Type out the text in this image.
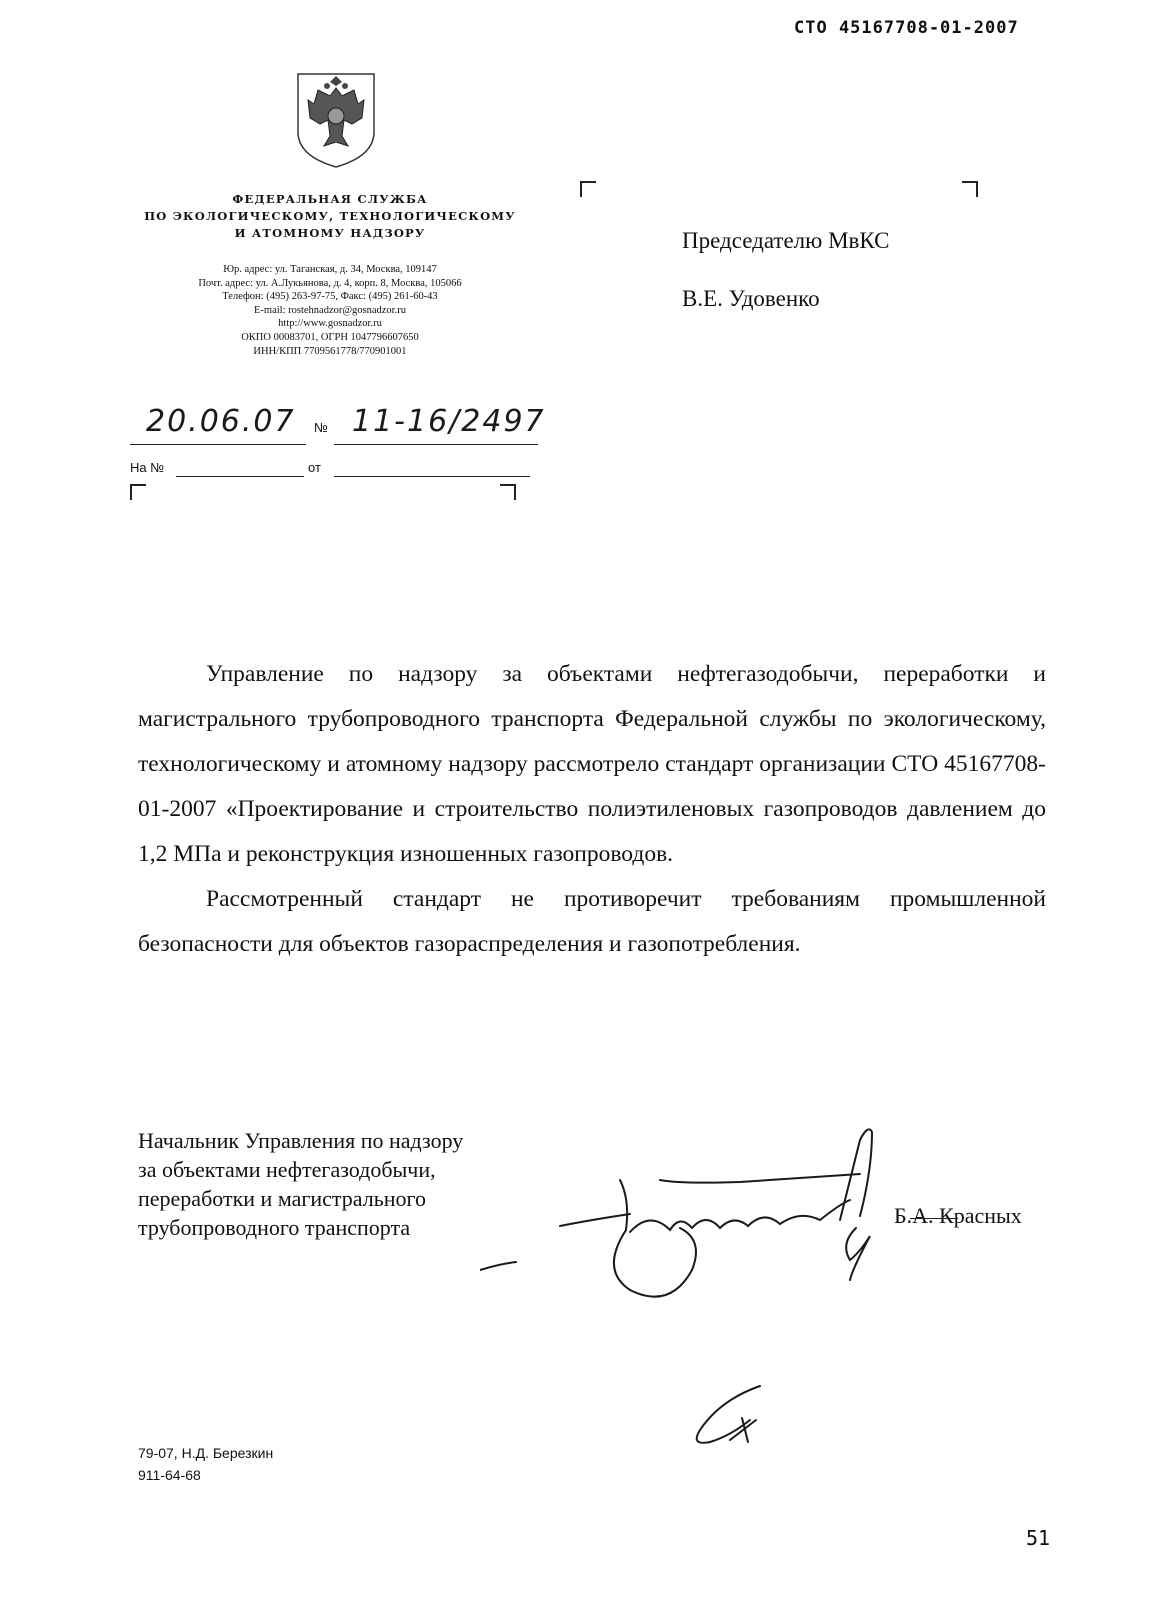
СТО 45167708-01-2007
ФЕДЕРАЛЬНАЯ СЛУЖБА
ПО ЭКОЛОГИЧЕСКОМУ, ТЕХНОЛОГИЧЕСКОМУ
И АТОМНОМУ НАДЗОРУ
Юр. адрес: ул. Таганская, д. 34, Москва, 109147
Почт. адрес: ул. А.Лукьянова, д. 4, корп. 8, Москва, 105066
Телефон: (495) 263-97-75, Факс: (495) 261-60-43
E-mail: rostehnadzor@gosnadzor.ru
http://www.gosnadzor.ru
ОКПО 00083701, ОГРН 1047796607650
ИНН/КПП 7709561778/770901001
20.06.07 № 11-16/2497
На №	от
Председателю МвКС
В.Е. Удовенко

Управление по надзору за объектами нефтегазодобычи, переработки и магистрального трубопроводного транспорта Федеральной службы по экологическому, технологическому и атомному надзору рассмотрело стандарт организации СТО 45167708-01-2007 «Проектирование и строительство полиэтиленовых газопроводов давлением до 1,2 МПа и реконструкция изношенных газопроводов.

Рассмотренный стандарт не противоречит требованиям промышленной безопасности для объектов газораспределения и газопотребления.

Начальник Управления по надзору
за объектами нефтегазодобычи,
переработки и магистрального
трубопроводного транспорта	Б.А. Красных
79-07, Н.Д. Березкин
911-64-68
51
